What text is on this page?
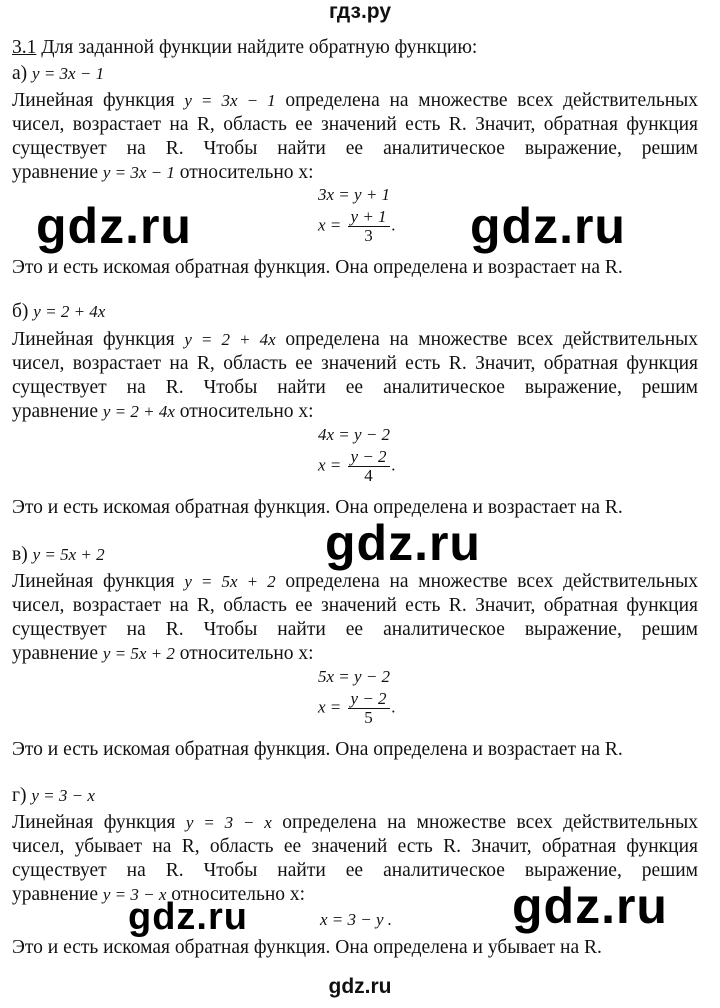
гдз.ру
3.1 Для заданной функции найдите обратную функцию:
а) y = 3x − 1
Линейная функция y = 3x − 1 определена на множестве всех действительных
чисел, возрастает на R, область ее значений есть R. Значит, обратная функция
существует на R. Чтобы найти ее аналитическое выражение, решим
уравнение y = 3x − 1 относительно х:
3x = y + 1
$x = \frac{y + 1}{3}$ .
Это и есть искомая обратная функция. Она определена и возрастает на R.
б) y = 2 + 4x
Линейная функция y = 2 + 4x определена на множестве всех действительных
чисел, возрастает на R, область ее значений есть R. Значит, обратная функция
существует на R. Чтобы найти ее аналитическое выражение, решим
уравнение y = 2 + 4x относительно х:
4x = y − 2
$x = \frac{y - 2}{4}$ .
Это и есть искомая обратная функция. Она определена и возрастает на R.
в) y = 5x + 2
Линейная функция y = 5x + 2 определена на множестве всех действительных
чисел, возрастает на R, область ее значений есть R. Значит, обратная функция
существует на R. Чтобы найти ее аналитическое выражение, решим
уравнение y = 5x + 2 относительно х:
5x = y − 2
$x = \frac{y - 2}{5}$ .
Это и есть искомая обратная функция. Она определена и возрастает на R.
г) y = 3 − x
Линейная функция y = 3 − x определена на множестве всех действительных
чисел, убывает на R, область ее значений есть R. Значит, обратная функция
существует на R. Чтобы найти ее аналитическое выражение, решим
уравнение y = 3 − x относительно х:
x = 3 − y .
Это и есть искомая обратная функция. Она определена и убывает на R.
gdz.ru	gdz.ru
gdz.ru
gdz.ru	gdz.ru
gdz.ru
